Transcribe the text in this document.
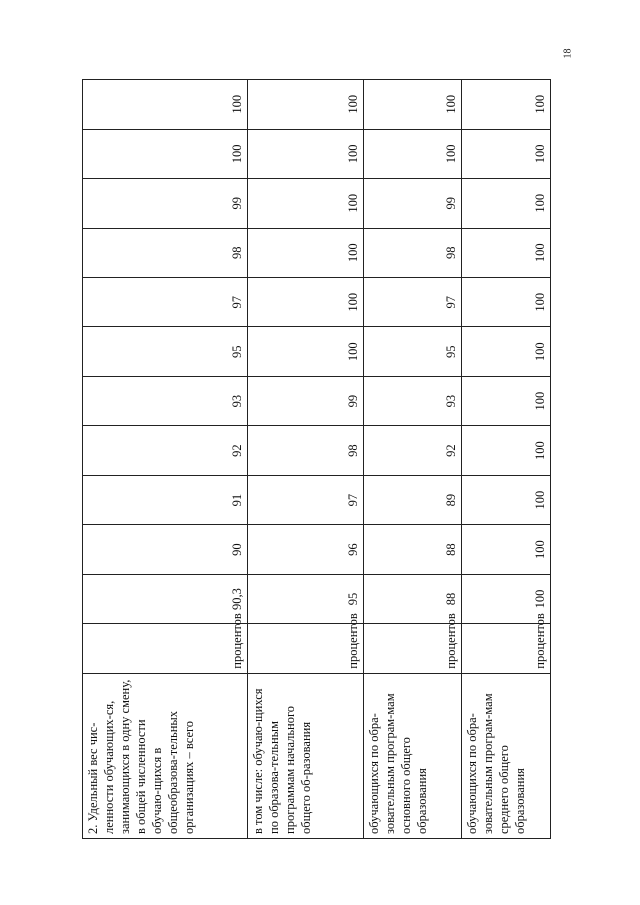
18
2. Удельный вес чис-ленности обучающих-ся, занимающихся в одну смену, в общей численности обучаю-щихся в общеобразова-тельных организациях – всего	процентов	90,3	90	91	92	93	95	97	98	99	100	100
в том числе: обучаю-щихся по образова-тельным программам начального общего об-разования	процентов	95	96	97	98	99	100	100	100	100	100	100
обучающихся по обра-зовательным програм-мам основного общего образования	процентов	88	88	89	92	93	95	97	98	99	100	100
обучающихся по обра-зовательным програм-мам среднего общего образования	процентов	100	100	100	100	100	100	100	100	100	100	100
